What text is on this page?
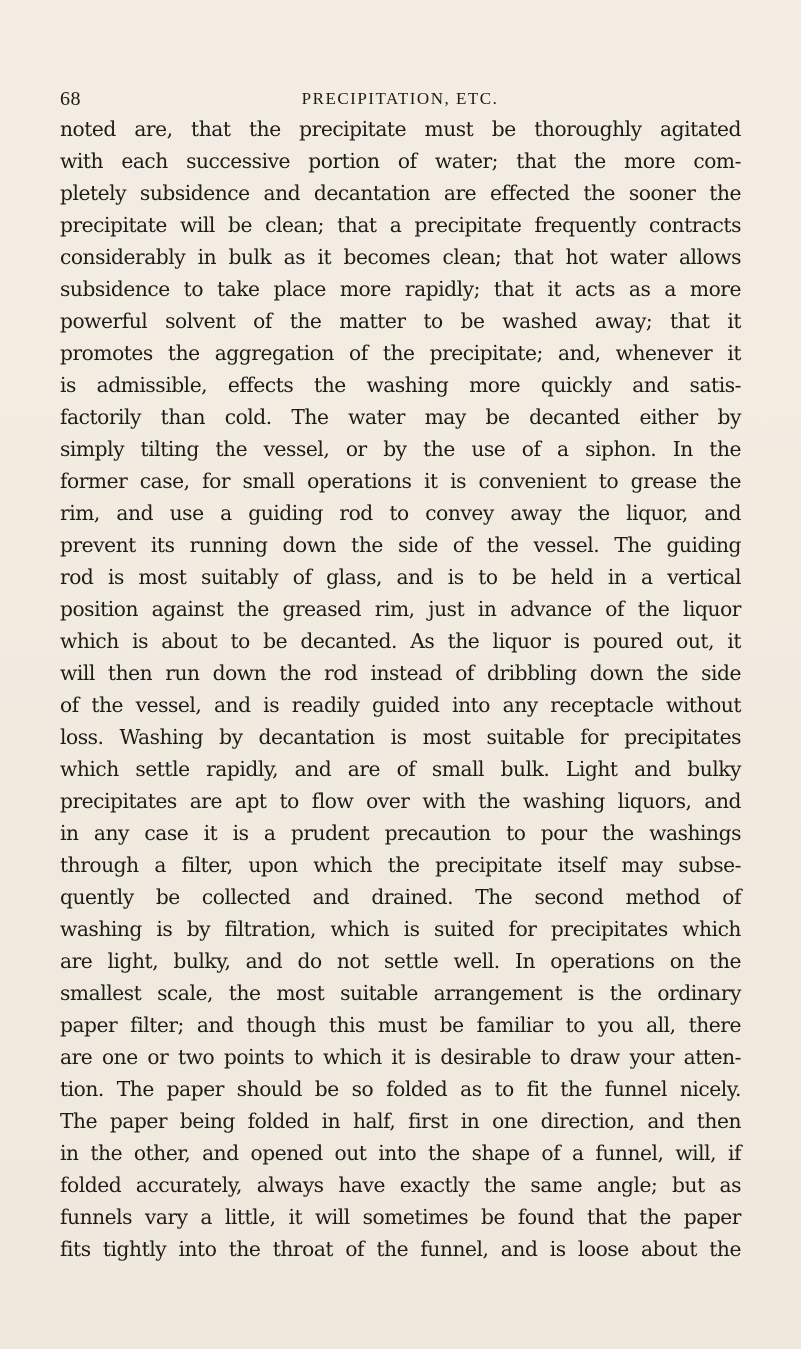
68	PRECIPITATION, ETC.
noted are, that the precipitate must be thoroughly agitated
with each successive portion of water; that the more com-
pletely subsidence and decantation are effected the sooner the
precipitate will be clean; that a precipitate frequently contracts
considerably in bulk as it becomes clean; that hot water allows
subsidence to take place more rapidly; that it acts as a more
powerful solvent of the matter to be washed away; that it
promotes the aggregation of the precipitate; and, whenever it
is admissible, effects the washing more quickly and satis-
factorily than cold. The water may be decanted either by
simply tilting the vessel, or by the use of a siphon. In the
former case, for small operations it is convenient to grease the
rim, and use a guiding rod to convey away the liquor, and
prevent its running down the side of the vessel. The guiding
rod is most suitably of glass, and is to be held in a vertical
position against the greased rim, just in advance of the liquor
which is about to be decanted. As the liquor is poured out, it
will then run down the rod instead of dribbling down the side
of the vessel, and is readily guided into any receptacle without
loss. Washing by decantation is most suitable for precipitates
which settle rapidly, and are of small bulk. Light and bulky
precipitates are apt to flow over with the washing liquors, and
in any case it is a prudent precaution to pour the washings
through a filter, upon which the precipitate itself may subse-
quently be collected and drained. The second method of
washing is by filtration, which is suited for precipitates which
are light, bulky, and do not settle well. In operations on the
smallest scale, the most suitable arrangement is the ordinary
paper filter; and though this must be familiar to you all, there
are one or two points to which it is desirable to draw your atten-
tion. The paper should be so folded as to fit the funnel nicely.
The paper being folded in half, first in one direction, and then
in the other, and opened out into the shape of a funnel, will, if
folded accurately, always have exactly the same angle; but as
funnels vary a little, it will sometimes be found that the paper
fits tightly into the throat of the funnel, and is loose about the
